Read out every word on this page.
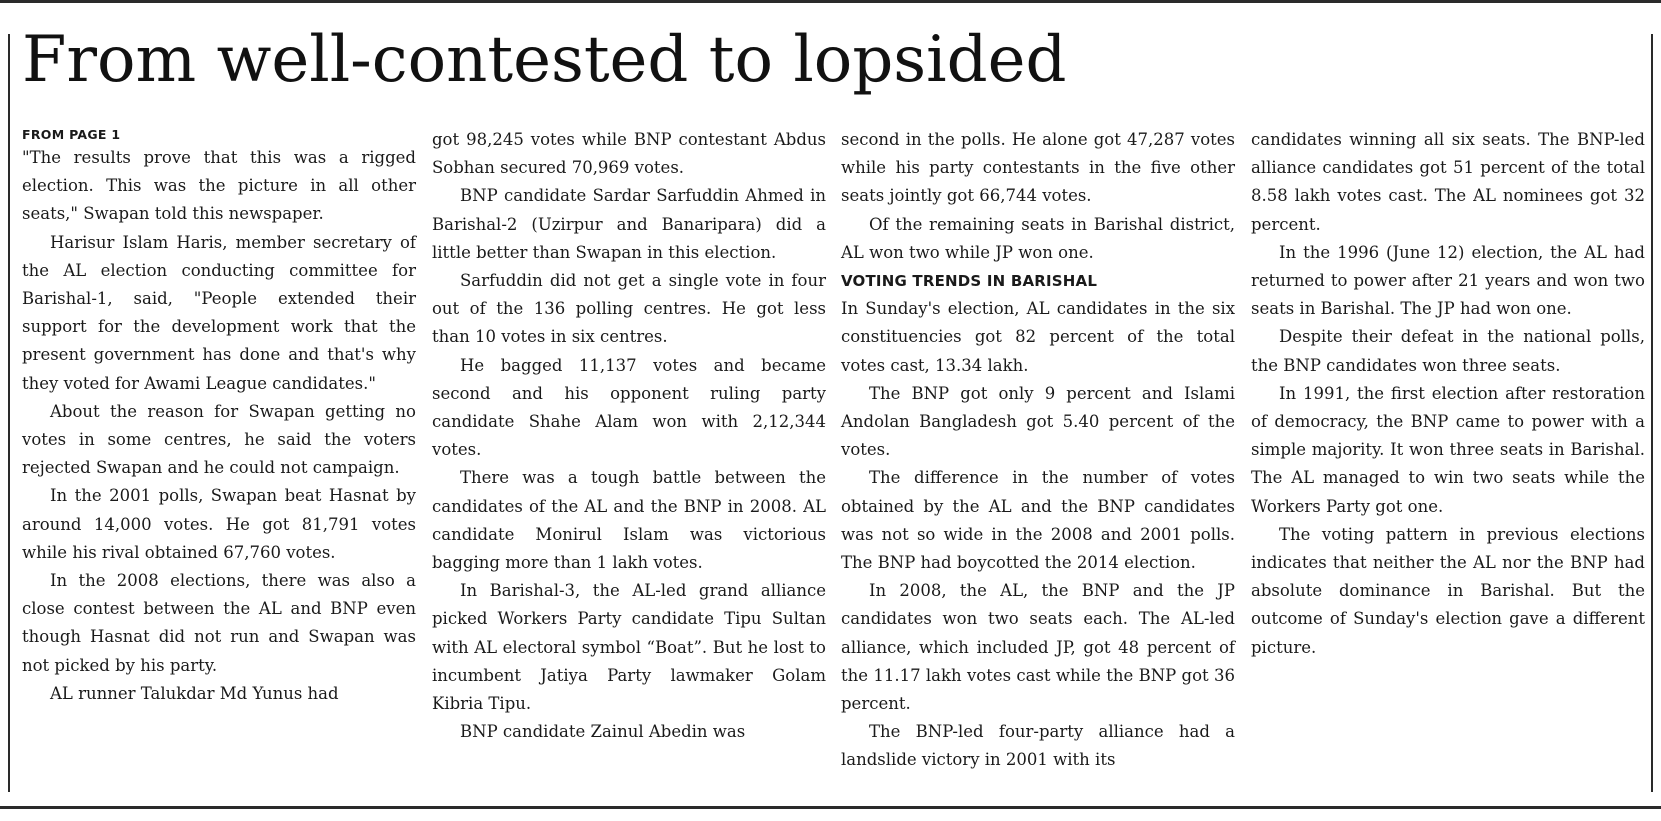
From well-contested to lopsided

FROM PAGE 1

"The results prove that this was a rigged election. This was the picture in all other seats," Swapan told this newspaper.

Harisur Islam Haris, member secretary of the AL election conducting committee for Barishal-1, said, "People extended their support for the development work that the present government has done and that's why they voted for Awami League candidates."

About the reason for Swapan getting no votes in some centres, he said the voters rejected Swapan and he could not campaign.

In the 2001 polls, Swapan beat Hasnat by around 14,000 votes. He got 81,791 votes while his rival obtained 67,760 votes.

In the 2008 elections, there was also a close contest between the AL and BNP even though Hasnat did not run and Swapan was not picked by his party.

AL runner Talukdar Md Yunus had

got 98,245 votes while BNP contestant Abdus Sobhan secured 70,969 votes.

BNP candidate Sardar Sarfuddin Ahmed in Barishal-2 (Uzirpur and Banaripara) did a little better than Swapan in this election.

Sarfuddin did not get a single vote in four out of the 136 polling centres. He got less than 10 votes in six centres.

He bagged 11,137 votes and became second and his opponent ruling party candidate Shahe Alam won with 2,12,344 votes.

There was a tough battle between the candidates of the AL and the BNP in 2008. AL candidate Monirul Islam was victorious bagging more than 1 lakh votes.

In Barishal-3, the AL-led grand alliance picked Workers Party candidate Tipu Sultan with AL electoral symbol “Boat”. But he lost to incumbent Jatiya Party lawmaker Golam Kibria Tipu.

BNP candidate Zainul Abedin was

second in the polls. He alone got 47,287 votes while his party contestants in the five other seats jointly got 66,744 votes.

Of the remaining seats in Barishal district, AL won two while JP won one.

VOTING TRENDS IN BARISHAL

In Sunday's election, AL candidates in the six constituencies got 82 percent of the total votes cast, 13.34 lakh.

The BNP got only 9 percent and Islami Andolan Bangladesh got 5.40 percent of the votes.

The difference in the number of votes obtained by the AL and the BNP candidates was not so wide in the 2008 and 2001 polls. The BNP had boycotted the 2014 election.

In 2008, the AL, the BNP and the JP candidates won two seats each. The AL-led alliance, which included JP, got 48 percent of the 11.17 lakh votes cast while the BNP got 36 percent.

The BNP-led four-party alliance had a landslide victory in 2001 with its

candidates winning all six seats. The BNP-led alliance candidates got 51 percent of the total 8.58 lakh votes cast. The AL nominees got 32 percent.

In the 1996 (June 12) election, the AL had returned to power after 21 years and won two seats in Barishal. The JP had won one.

Despite their defeat in the national polls, the BNP candidates won three seats.

In 1991, the first election after restoration of democracy, the BNP came to power with a simple majority. It won three seats in Barishal. The AL managed to win two seats while the Workers Party got one.

The voting pattern in previous elections indicates that neither the AL nor the BNP had absolute dominance in Barishal. But the outcome of Sunday's election gave a different picture.
